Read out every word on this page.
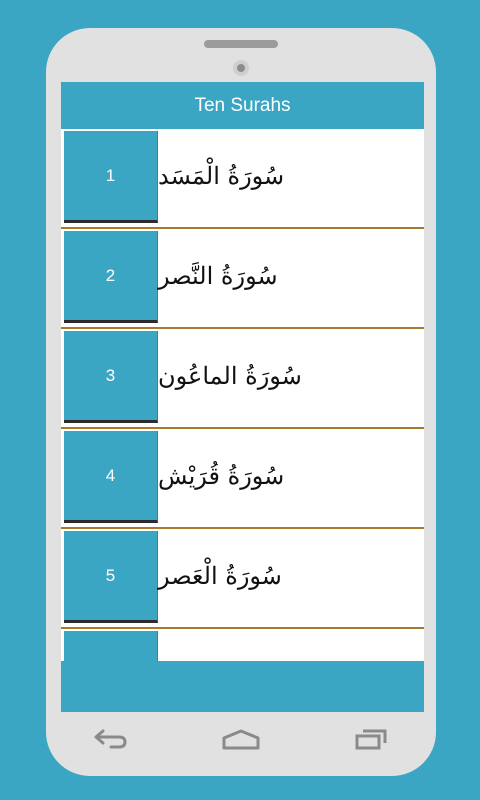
Ten Surahs
1 سُورَةُ الْمَسَد
2 سُورَةُ النَّصر
3 سُورَةُ الماعُون
4 سُورَةُ قُرَيْش
5 سُورَةُ الْعَصر
